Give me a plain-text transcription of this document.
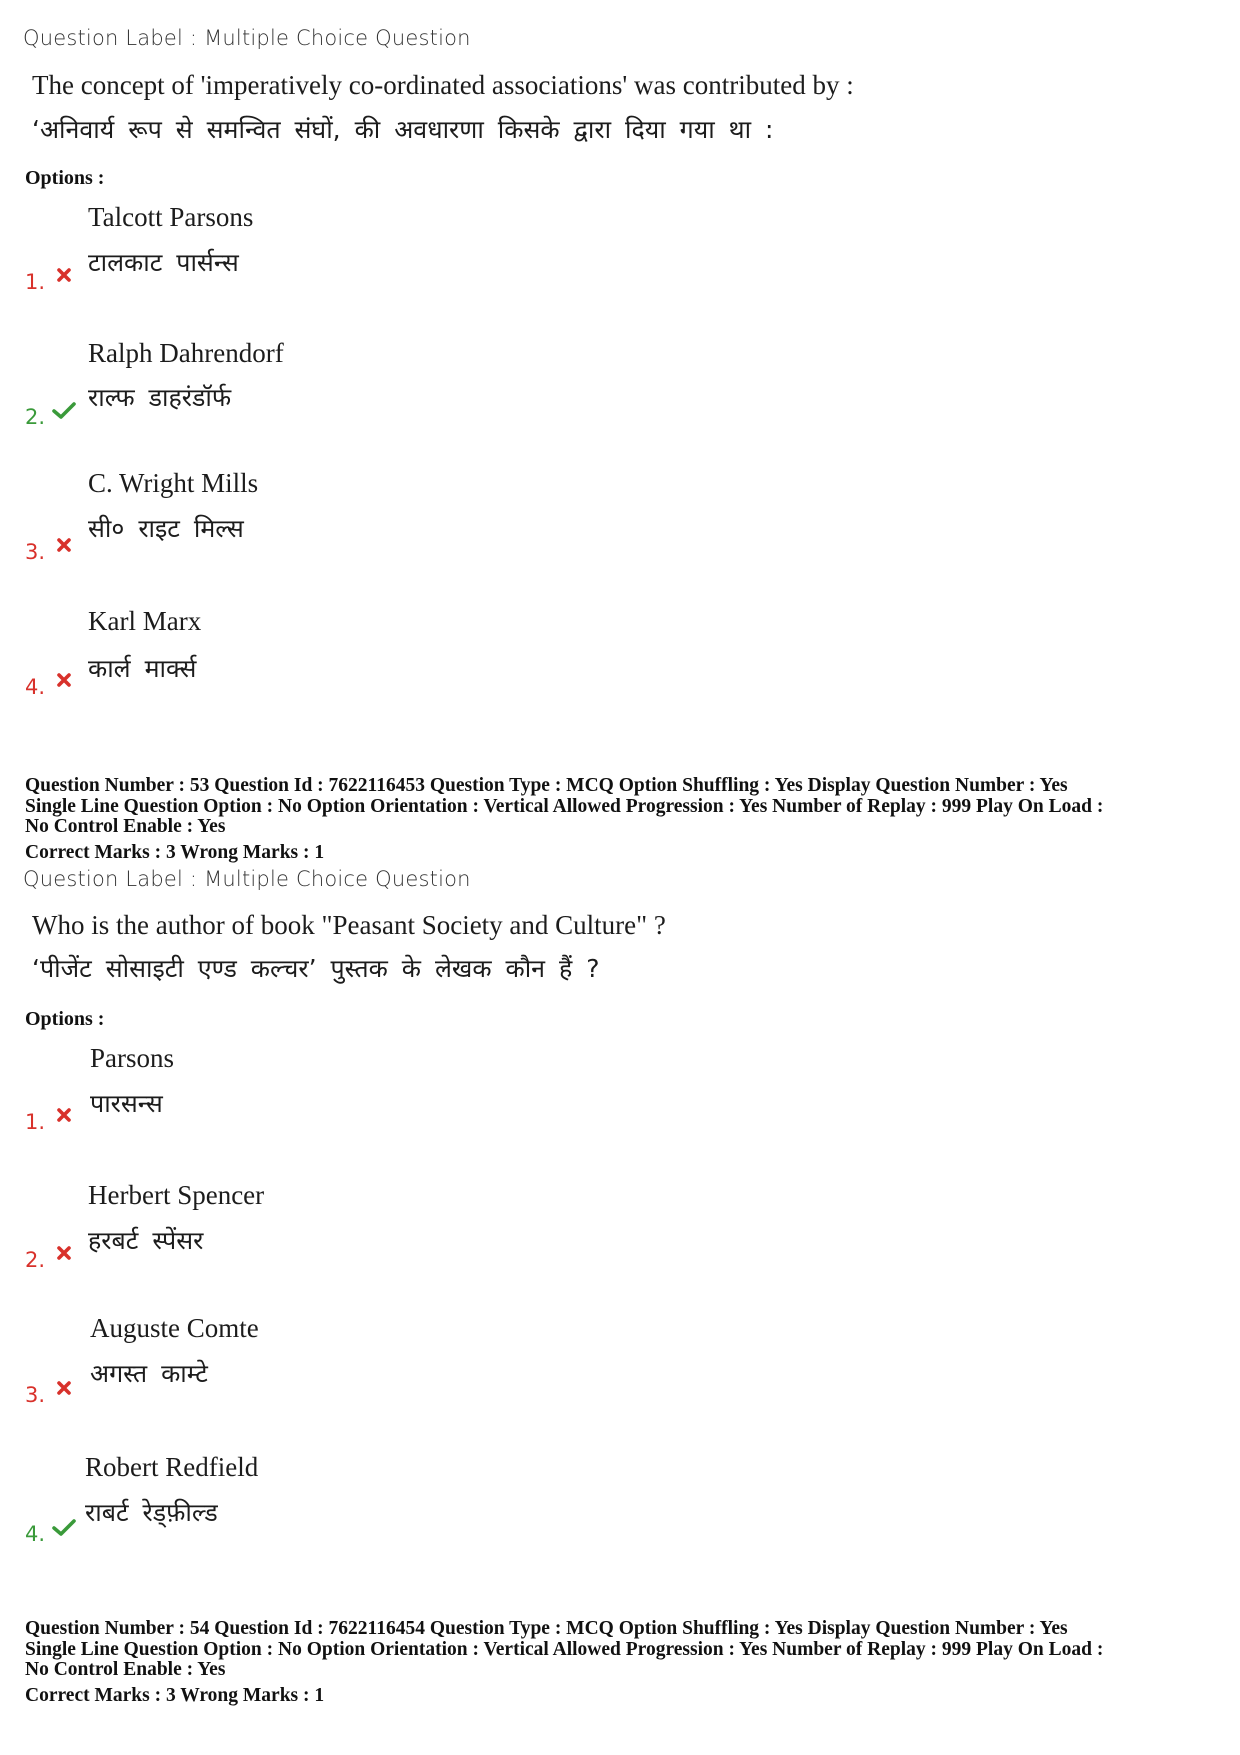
Question Label : Multiple Choice Question
The concept of 'imperatively co-ordinated associations' was contributed by :
‘अनिवार्य रूप से समन्वित संघों, की अवधारणा किसके द्वारा दिया गया था :
Options :
Talcott Parsons
टालकाट पार्सन्स
1.
Ralph Dahrendorf
राल्फ डाहरंडॉर्फ
2.
C. Wright Mills
सी० राइट मिल्स
3.
Karl Marx
कार्ल मार्क्स
4.
Question Number : 53 Question Id : 7622116453 Question Type : MCQ Option Shuffling : Yes Display Question Number : Yes
Single Line Question Option : No Option Orientation : Vertical Allowed Progression : Yes Number of Replay : 999 Play On Load :
No Control Enable : Yes
Correct Marks : 3 Wrong Marks : 1
Question Label : Multiple Choice Question
Who is the author of book "Peasant Society and Culture" ?
‘पीजेंट सोसाइटी एण्ड कल्चर’ पुस्तक के लेखक कौन हैं ?
Options :
Parsons
पारसन्स
1.
Herbert Spencer
हरबर्ट स्पेंसर
2.
Auguste Comte
अगस्त काम्टे
3.
Robert Redfield
राबर्ट रेड्फ़ील्ड
4.
Question Number : 54 Question Id : 7622116454 Question Type : MCQ Option Shuffling : Yes Display Question Number : Yes
Single Line Question Option : No Option Orientation : Vertical Allowed Progression : Yes Number of Replay : 999 Play On Load :
No Control Enable : Yes
Correct Marks : 3 Wrong Marks : 1
